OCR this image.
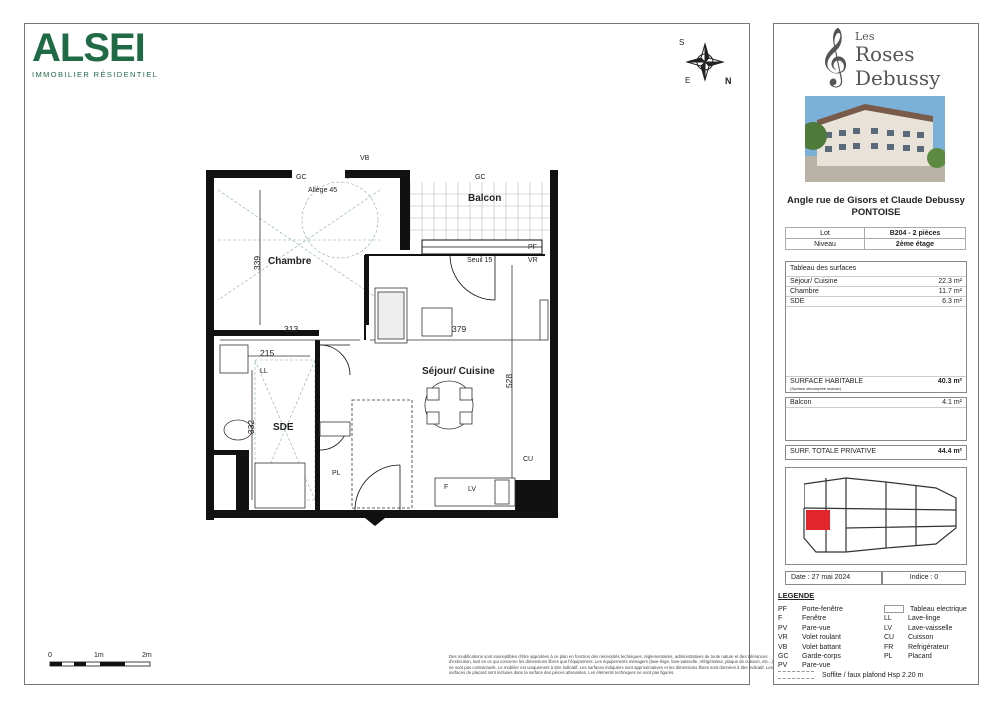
ALSEI
IMMOBILIER RÉSIDENTIEL
S
E	N
Chambre
Balcon
Séjour/ Cuisine
SDE
VB
GC	F
Allège 45
GC
PF
Seuil 15	VR
LL
PL
CU
F	LV
339
313	379
215
332
528
0	1m	2m	Des modifications sont susceptibles d'être apportées à ce plan en fonction des nécessités techniques, réglementaires, administratives de toute nature et des tolérances d'exécution, tant en ce qui concerne les dimensions libres que l'équipement. Les équipements ménagers (lave-linge, lave-vaisselle, réfrigérateur, plaque de cuisson, etc...) ne sont pas contractuels. Le mobilier est uniquement à titre indicatif. Les surfaces indiquées sont approximatives et les dimensions libres sont données à titre indicatif. Les surfaces de placard sont incluses dans la surface des pièces attenantes. Les éléments techniques ne sont pas figurés.
𝄞 Les
Roses
Debussy
Angle rue de Gisors et Claude Debussy
PONTOISE
Lot	B204 - 2 pièces
Niveau	2ème étage
Tableau des surfaces
Séjour/ Cuisine	22.3 m²
Chambre	11.7 m²
SDE	6.3 m²
SURFACE HABITABLE	40.3 m²
(Surface décomptée incluse)
Balcon	4.1 m²
SURF. TOTALE PRIVATIVE	44.4 m²
Date : 27 mai 2024	Indice : 0
LEGENDE
PF Porte-fenêtre
F	Fenêtre
PV Pare-vue
VR Volet roulant
VB Volet battant
GC Garde-corps
PV Pare-vue
Tableau electrique
LL Lave-linge
LV Lave-vaisselle
CU Cuisson
FR Refrigérateur
PL Placard
Soffite / faux plafond Hsp 2.20 m
